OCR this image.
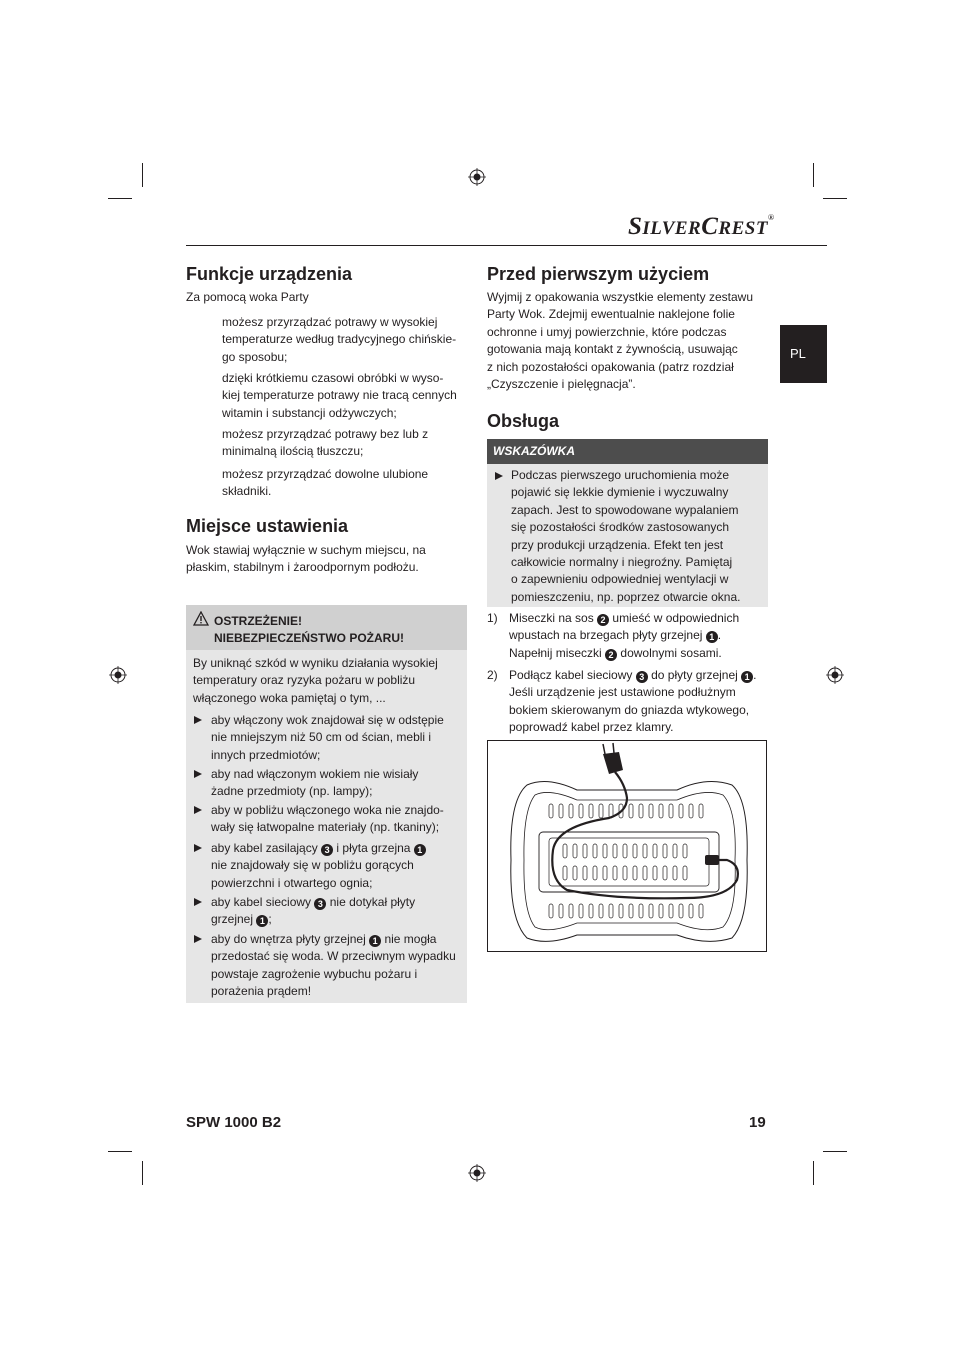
SILVERCREST®
PL
Funkcje urządzenia
Za pomocą woka Party
możesz przyrządzać potrawy w wysokiej
temperaturze według tradycyjnego chińskie-
go sposobu;
dzięki krótkiemu czasowi obróbki w wyso-
kiej temperaturze potrawy nie tracą cennych
witamin i substancji odżywczych;
możesz przyrządzać potrawy bez lub z
minimalną ilością tłuszczu;
możesz przyrządzać dowolne ulubione
składniki.
Miejsce ustawienia
Wok stawiaj wyłącznie w suchym miejscu, na
płaskim, stabilnym i żaroodpornym podłożu.
OSTRZEŻENIE!
NIEBEZPIECZEŃSTWO POŻARU!
By uniknąć szkód w wyniku działania wysokiej
temperatury oraz ryzyka pożaru w pobliżu
włączonego woka pamiętaj o tym, ...
aby włączony wok znajdował się w odstępie
nie mniejszym niż 50 cm od ścian, mebli i
innych przedmiotów;
aby nad włączonym wokiem nie wisiały
żadne przedmioty (np. lampy);
aby w pobliżu włączonego woka nie znajdo-
wały się łatwopalne materiały (np. tkaniny);
aby kabel zasilający 3 i płyta grzejna 1
nie znajdowały się w pobliżu gorących
powierzchni i otwartego ognia;
aby kabel sieciowy 3 nie dotykał płyty
grzejnej 1 ;
aby do wnętrza płyty grzejnej 1 nie mogła
przedostać się woda. W przeciwnym wypadku
powstaje zagrożenie wybuchu pożaru i
porażenia prądem!
Przed pierwszym użyciem
Wyjmij z opakowania wszystkie elementy zestawu
Party Wok. Zdejmij ewentualnie naklejone folie
ochronne i umyj powierzchnie, które podczas
gotowania mają kontakt z żywnością, usuwając
z nich pozostałości opakowania (patrz rozdział
„Czyszczenie i pielęgnacja”.
Obsługa
WSKAZÓWKA
Podczas pierwszego uruchomienia może
pojawić się lekkie dymienie i wyczuwalny
zapach. Jest to spowodowane wypalaniem
się pozostałości środków zastosowanych
przy produkcji urządzenia. Efekt ten jest
całkowicie normalny i niegroźny. Pamiętaj
o zapewnieniu odpowiedniej wentylacji w
pomieszczeniu, np. poprzez otwarcie okna.
1) Miseczki na sos 2 umieść w odpowiednich
wpustach na brzegach płyty grzejnej 1 .
Napełnij miseczki 2 dowolnymi sosami.
2) Podłącz kabel sieciowy 3 do płyty grzejnej 1 .
Jeśli urządzenie jest ustawione podłużnym
bokiem skierowanym do gniazda wtykowego,
poprowadź kabel przez klamry.
SPW 1000 B2	19
